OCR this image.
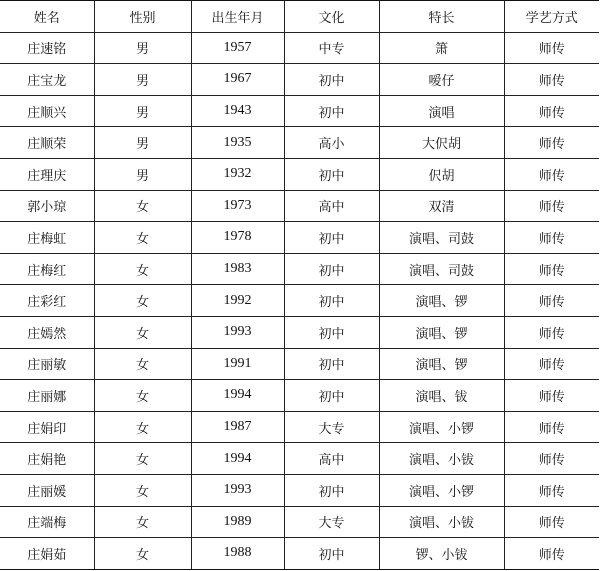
姓名	性别	出生年月	文化	特长	学艺方式
庄速铭	男	1957	中专	箫	师传
庄宝龙	男	1967	初中	嗳仔	师传
庄顺兴	男	1943	初中	演唱	师传
庄顺荣	男	1935	高小	大伬胡	师传
庄理庆	男	1932	初中	伬胡	师传
郭小琼	女	1973	高中	双清	师传
庄梅虹	女	1978	初中	演唱、司鼓	师传
庄梅红	女	1983	初中	演唱、司鼓	师传
庄彩红	女	1992	初中	演唱、锣	师传
庄嫣然	女	1993	初中	演唱、锣	师传
庄丽敏	女	1991	初中	演唱、锣	师传
庄丽娜	女	1994	初中	演唱、钹	师传
庄娟印	女	1987	大专	演唱、小锣	师传
庄娟艳	女	1994	高中	演唱、小钹	师传
庄丽媛	女	1993	初中	演唱、小锣	师传
庄端梅	女	1989	大专	演唱、小钹	师传
庄娟茹	女	1988	初中	锣、小钹	师传
